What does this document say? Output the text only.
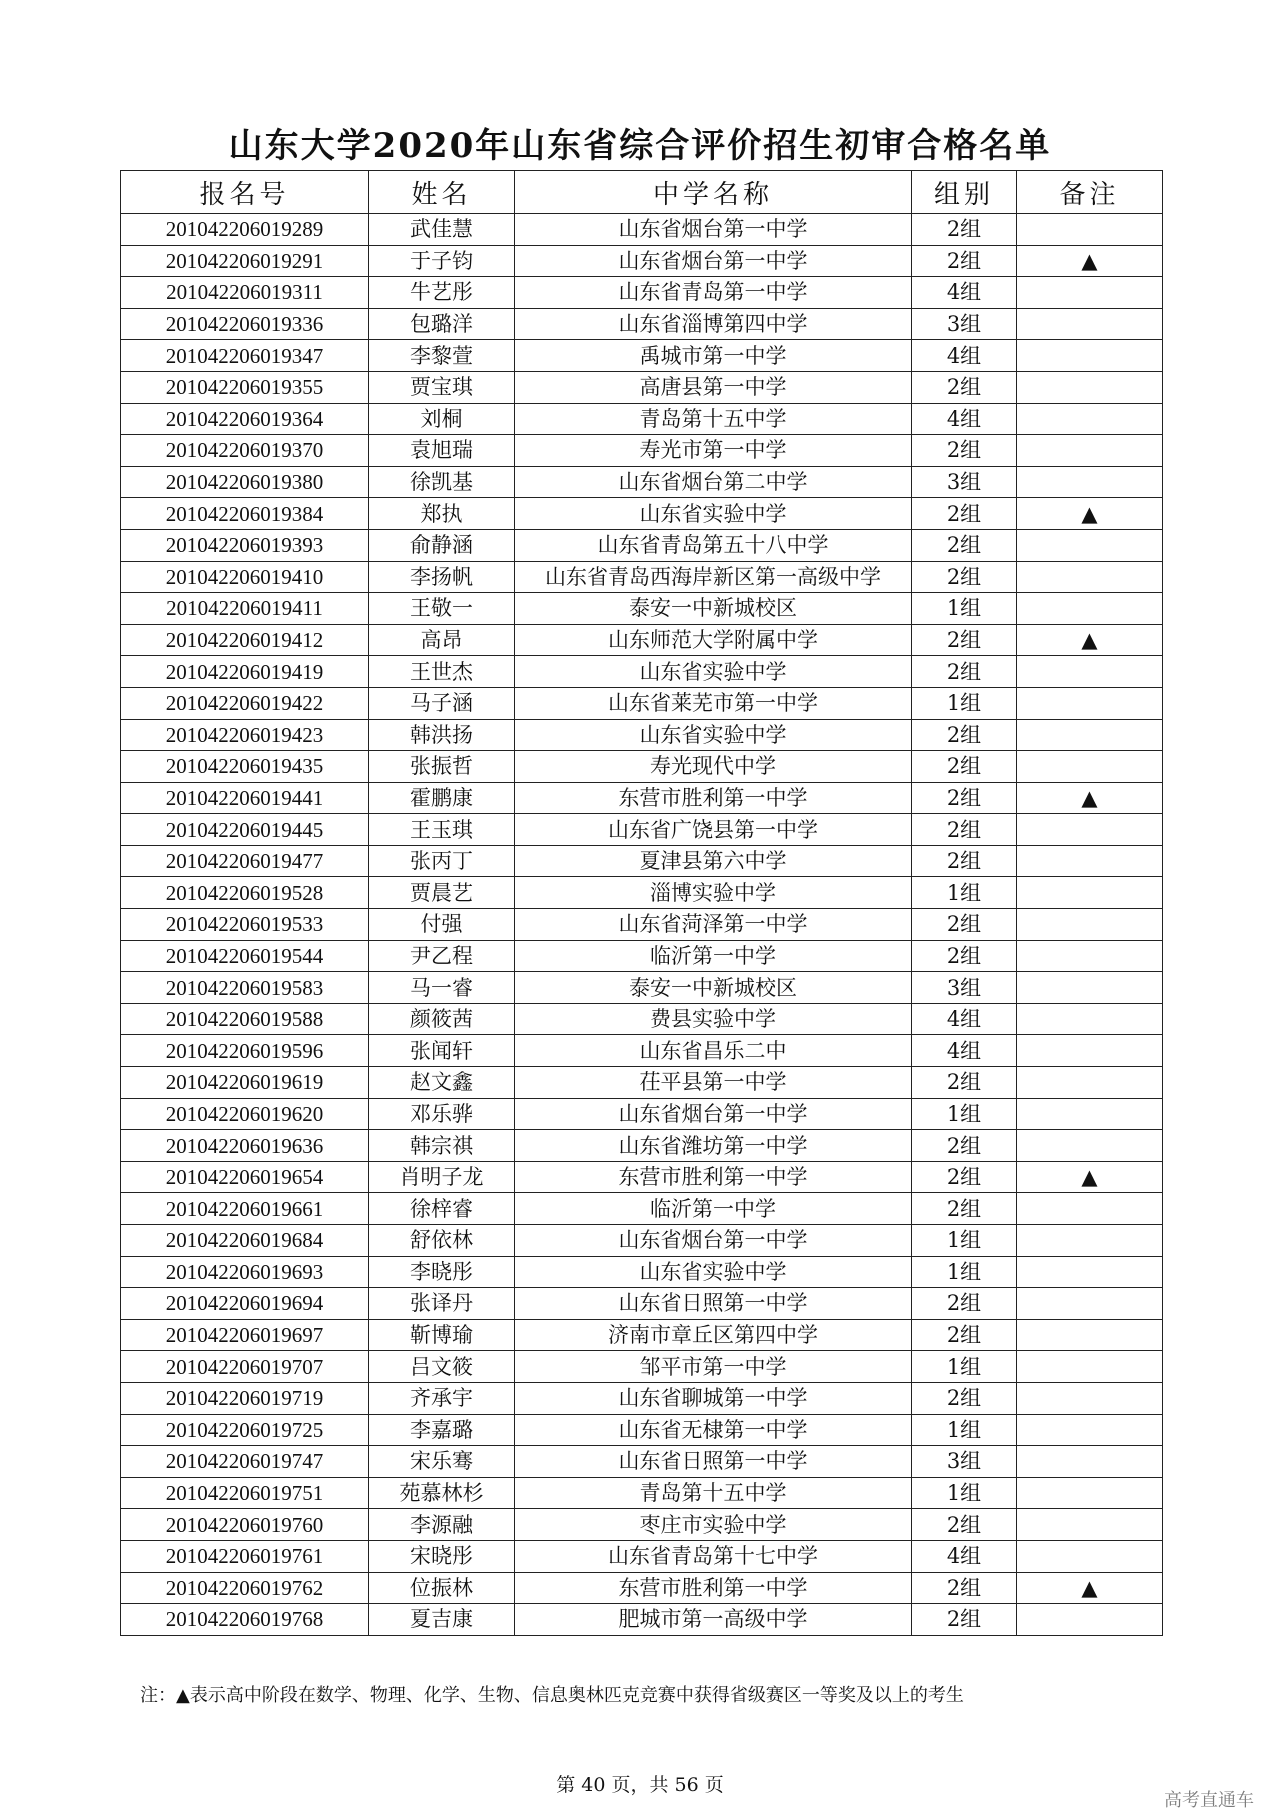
山东大学2020年山东省综合评价招生初审合格名单
报名号	姓名	中学名称	组别	备注
201042206019289	武佳慧	山东省烟台第一中学	2组	
201042206019291	于子钧	山东省烟台第一中学	2组	▲
201042206019311	牛艺彤	山东省青岛第一中学	4组	
201042206019336	包璐洋	山东省淄博第四中学	3组	
201042206019347	李黎萱	禹城市第一中学	4组	
201042206019355	贾宝琪	高唐县第一中学	2组	
201042206019364	刘桐	青岛第十五中学	4组	
201042206019370	袁旭瑞	寿光市第一中学	2组	
201042206019380	徐凯基	山东省烟台第二中学	3组	
201042206019384	郑执	山东省实验中学	2组	▲
201042206019393	俞静涵	山东省青岛第五十八中学	2组	
201042206019410	李扬帆	山东省青岛西海岸新区第一高级中学	2组	
201042206019411	王敬一	泰安一中新城校区	1组	
201042206019412	高昂	山东师范大学附属中学	2组	▲
201042206019419	王世杰	山东省实验中学	2组	
201042206019422	马子涵	山东省莱芜市第一中学	1组	
201042206019423	韩洪扬	山东省实验中学	2组	
201042206019435	张振哲	寿光现代中学	2组	
201042206019441	霍鹏康	东营市胜利第一中学	2组	▲
201042206019445	王玉琪	山东省广饶县第一中学	2组	
201042206019477	张丙丁	夏津县第六中学	2组	
201042206019528	贾晨艺	淄博实验中学	1组	
201042206019533	付强	山东省菏泽第一中学	2组	
201042206019544	尹乙程	临沂第一中学	2组	
201042206019583	马一睿	泰安一中新城校区	3组	
201042206019588	颜筱茜	费县实验中学	4组	
201042206019596	张闻轩	山东省昌乐二中	4组	
201042206019619	赵文鑫	茌平县第一中学	2组	
201042206019620	邓乐骅	山东省烟台第一中学	1组	
201042206019636	韩宗祺	山东省潍坊第一中学	2组	
201042206019654	肖明子龙	东营市胜利第一中学	2组	▲
201042206019661	徐梓睿	临沂第一中学	2组	
201042206019684	舒依林	山东省烟台第一中学	1组	
201042206019693	李晓彤	山东省实验中学	1组	
201042206019694	张译丹	山东省日照第一中学	2组	
201042206019697	靳博瑜	济南市章丘区第四中学	2组	
201042206019707	吕文筱	邹平市第一中学	1组	
201042206019719	齐承宇	山东省聊城第一中学	2组	
201042206019725	李嘉璐	山东省无棣第一中学	1组	
201042206019747	宋乐骞	山东省日照第一中学	3组	
201042206019751	苑慕林杉	青岛第十五中学	1组	
201042206019760	李源融	枣庄市实验中学	2组	
201042206019761	宋晓彤	山东省青岛第十七中学	4组	
201042206019762	位振林	东营市胜利第一中学	2组	▲
201042206019768	夏吉康	肥城市第一高级中学	2组	
注：▲表示高中阶段在数学、物理、化学、生物、信息奥林匹克竞赛中获得省级赛区一等奖及以上的考生
第 40 页，共 56 页
高考直通车
